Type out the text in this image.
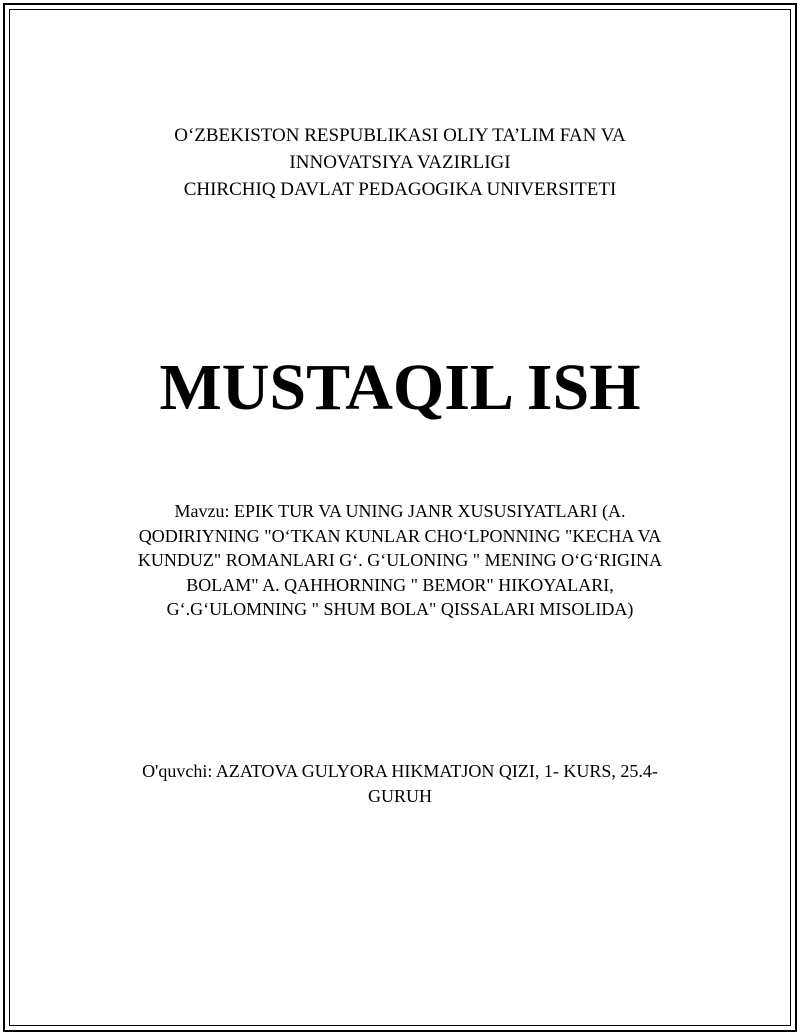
O‘ZBEKISTON RESPUBLIKASI OLIY TA’LIM FAN VA
INNOVATSIYA VAZIRLIGI
CHIRCHIQ DAVLAT PEDAGOGIKA UNIVERSITETI
MUSTAQIL ISH
Mavzu: EPIK TUR VA UNING JANR XUSUSIYATLARI (A.
QODIRIYNING "O‘TKAN KUNLAR CHO‘LPONNING "KECHA VA
KUNDUZ" ROMANLARI G‘. G‘ULONING " MENING O‘G‘RIGINA
BOLAM" A. QAHHORNING " BEMOR" HIKOYALARI,
G‘.G‘ULOMNING " SHUM BOLA" QISSALARI MISOLIDA)
O'quvchi: AZATOVA GULYORA HIKMATJON QIZI, 1- KURS, 25.4-
GURUH
